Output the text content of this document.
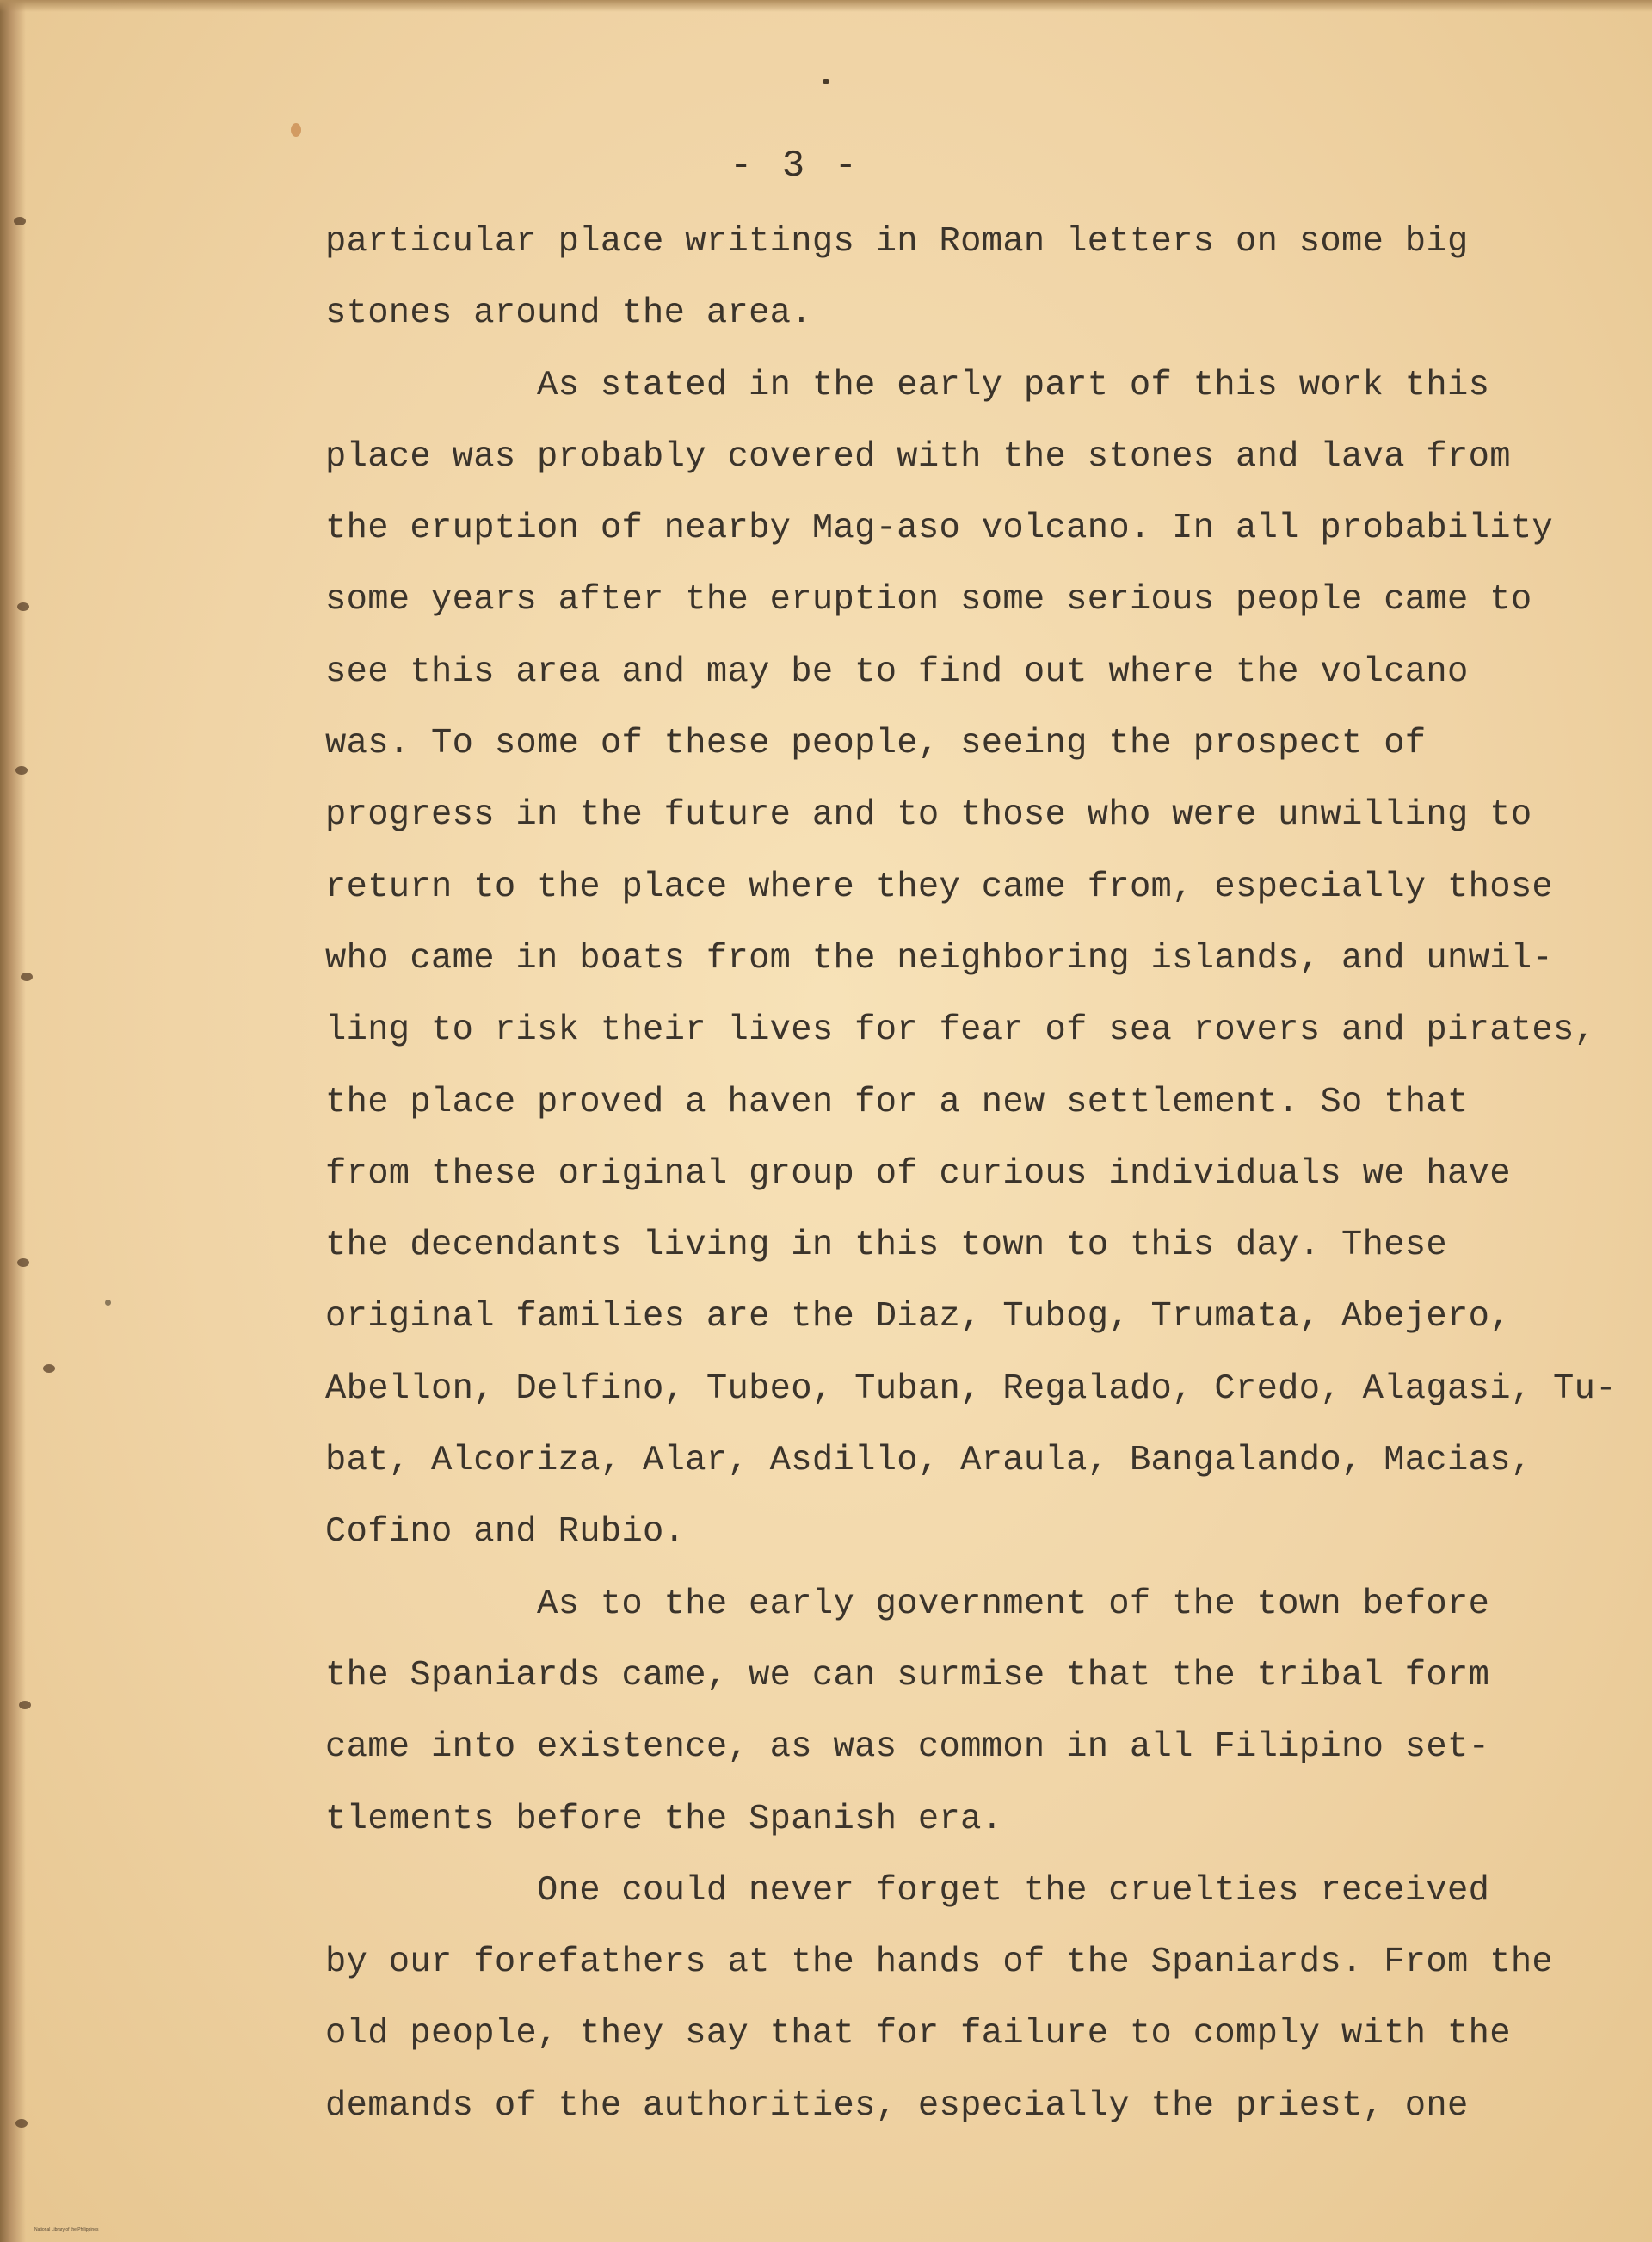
- 3 -

particular place writings in Roman letters on some big

stones around the area.

As stated in the early part of this work this

place was probably covered with the stones and lava from

the eruption of nearby Mag-aso volcano. In all probability

some years after the eruption some serious people came to

see this area and may be to find out where the volcano

was. To some of these people, seeing the prospect of

progress in the future and to those who were unwilling to

return to the place where they came from, especially those

who came in boats from the neighboring islands, and unwil-

ling to risk their lives for fear of sea rovers and pirates,

the place proved a haven for a new settlement. So that

from these original group of curious individuals we have

the decendants living in this town to this day. These

original families are the Diaz, Tubog, Trumata, Abejero,

Abellon, Delfino, Tubeo, Tuban, Regalado, Credo, Alagasi, Tu-

bat, Alcoriza, Alar, Asdillo, Araula, Bangalando, Macias,

Cofino and Rubio.

As to the early government of the town before

the Spaniards came, we can surmise that the tribal form

came into existence, as was common in all Filipino set-

tlements before the Spanish era.

One could never forget the cruelties received

by our forefathers at the hands of the Spaniards. From the

old people, they say that for failure to comply with the

demands of the authorities, especially the priest, one

National Library of the Philippines
